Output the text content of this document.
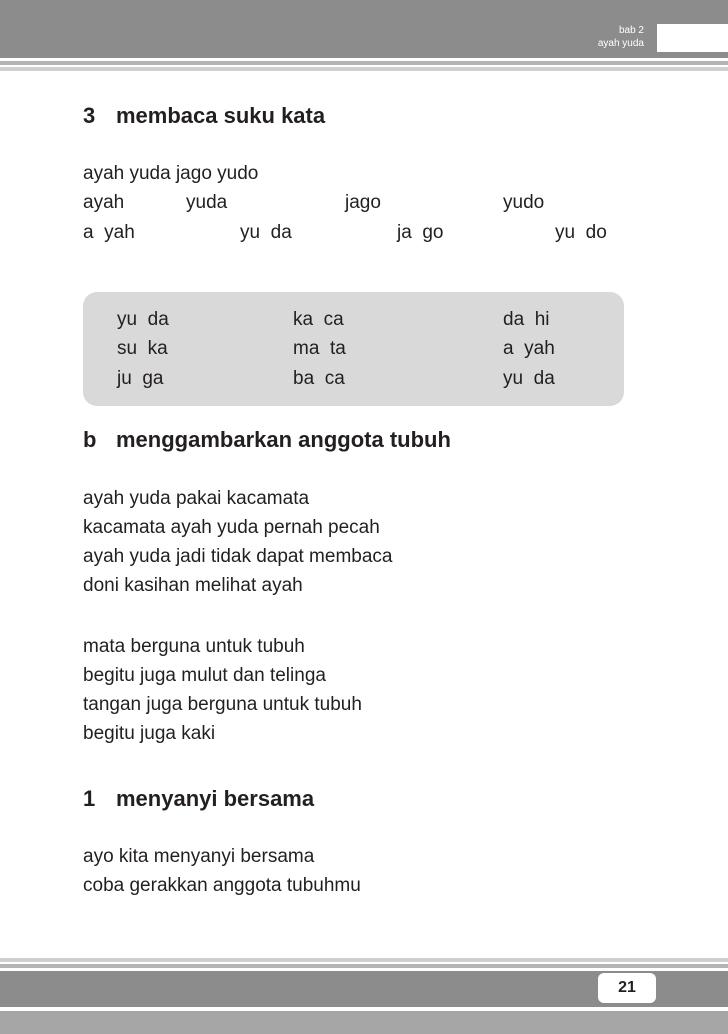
bab 2
ayah yuda

3 membaca suku kata

ayah yuda jago yudo
ayah	yuda	jago	yudo
a  yah	yu  da	ja  go	yu  do
yu  da	ka  ca	da  hi
su  ka	ma  ta	a  yah
ju  ga	ba  ca	yu  da

b menggambarkan anggota tubuh

ayah yuda pakai kacamata
kacamata ayah yuda pernah pecah
ayah yuda jadi tidak dapat membaca
doni kasihan melihat ayah
mata berguna untuk tubuh
begitu juga mulut dan telinga
tangan juga berguna untuk tubuh
begitu juga kaki

1 menyanyi bersama

ayo kita menyanyi bersama
coba gerakkan anggota tubuhmu
21
